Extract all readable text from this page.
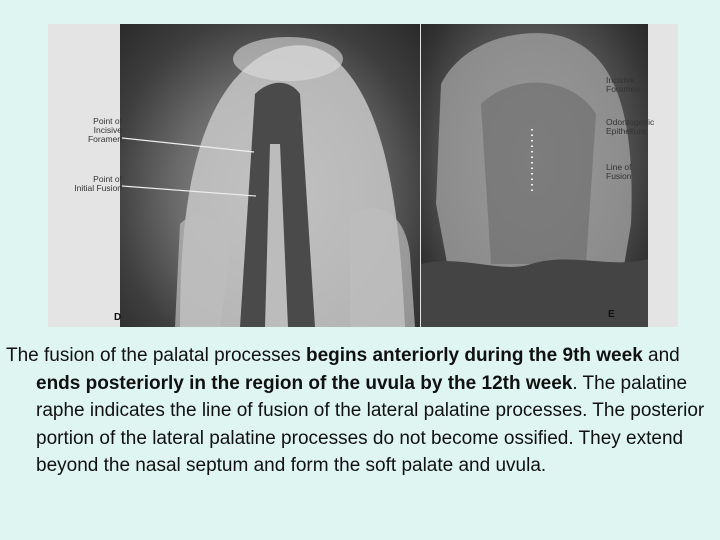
D
Point of
Incisive
Foramen
Point of
Initial Fusion
E
Incisive
Foramen
Odontogenic
Epithelium
Line of
Fusion

The fusion of the palatal processes begins anteriorly during the 9th week and ends posteriorly in the region of the uvula by the 12th week. The palatine raphe indicates the line of fusion of the lateral palatine processes. The posterior portion of the lateral palatine processes do not become ossified. They extend beyond the nasal septum and form the soft palate and uvula.
